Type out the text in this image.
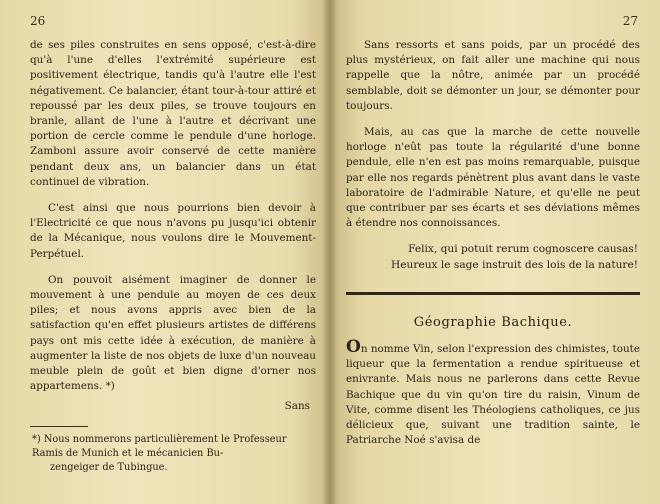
26

de ses piles construites en sens opposé, c'est-à-dire qu'à l'une d'elles l'extrémité supérieure est positivement électrique, tandis qu'à l'autre elle l'est négativement. Ce balancier, étant tour-à-tour attiré et repoussé par les deux piles, se trouve toujours en branle, allant de l'une à l'autre et décrivant une portion de cercle comme le pendule d'une horloge. Zamboni assure avoir conservé de cette manière pendant deux ans, un balancier dans un état continuel de vibration.

C'est ainsi que nous pourrions bien devoir à l'Electricité ce que nous n'avons pu jusqu'ici obtenir de la Mécanique, nous voulons dire le Mouvement-Perpétuel.

On pouvoit aisément imaginer de donner le mouvement à une pendule au moyen de ces deux piles; et nous avons appris avec bien de la satisfaction qu'en effet plusieurs artistes de différens pays ont mis cette idée à exécution, de manière à augmenter la liste de nos objets de luxe d'un nouveau meuble plein de goût et bien digne d'orner nos appartemens. *)

Sans
*) Nous nommerons particulièrement le Professeur Ramis de Munich et le mécanicien Bu-
zengeiger de Tubingue.
27

Sans ressorts et sans poids, par un procédé des plus mystérieux, on fait aller une machine qui nous rappelle que la nôtre, animée par un procédé semblable, doit se démonter un jour, se démonter pour toujours.

Mais, au cas que la marche de cette nouvelle horloge n'eût pas toute la régularité d'une bonne pendule, elle n'en est pas moins remarquable, puisque par elle nos regards pénètrent plus avant dans le vaste laboratoire de l'admirable Nature, et qu'elle ne peut que contribuer par ses écarts et ses déviations mêmes à étendre nos connoissances.

Felix, qui potuit rerum cognoscere causas!
Heureux le sage instruit des lois de la nature!
Géographie Bachique.

On nomme Vin, selon l'expression des chimistes, toute liqueur que la fermentation a rendue spiritueuse et enivrante. Mais nous ne parlerons dans cette Revue Bachique que du vin qu'on tire du raisin, Vinum de Vite, comme disent les Théologiens catholiques, ce jus délicieux que, suivant une tradition sainte, le Patriarche Noé s'avisa de
